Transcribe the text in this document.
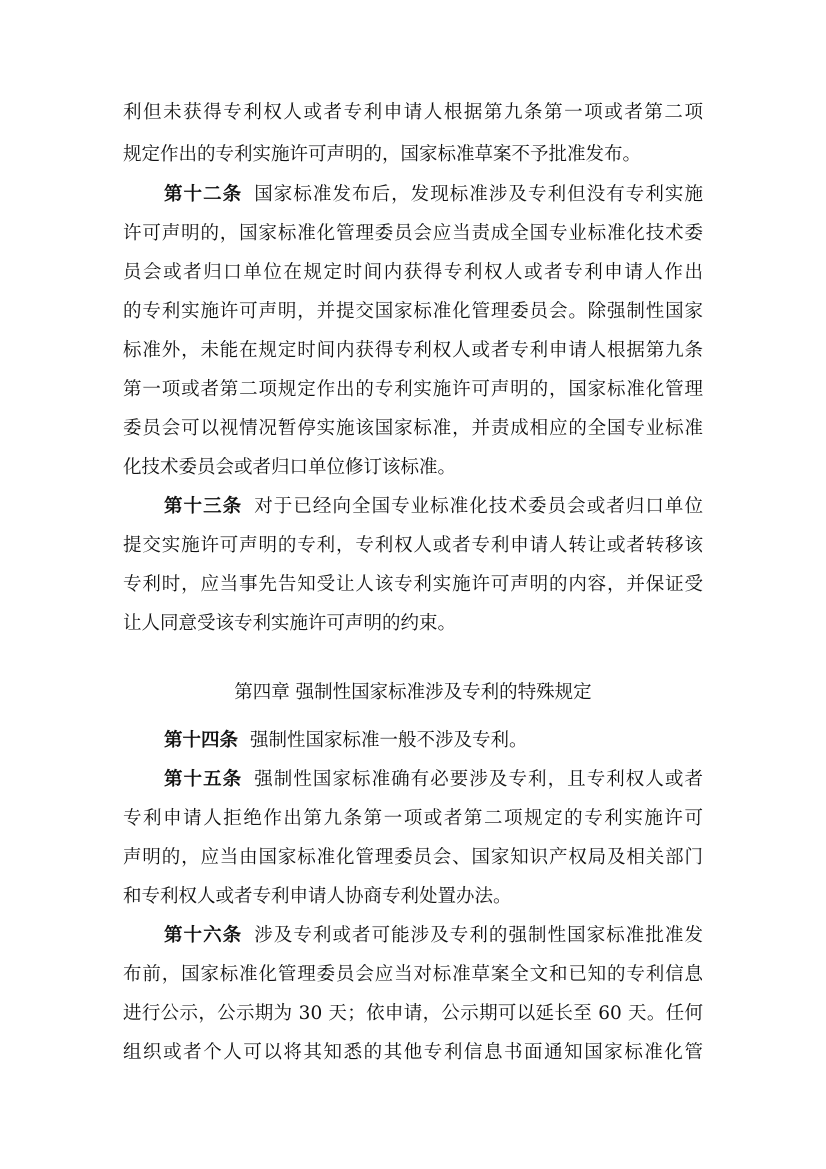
利但未获得专利权人或者专利申请人根据第九条第一项或者第二项
规定作出的专利实施许可声明的，国家标准草案不予批准发布。
第十二条 国家标准发布后，发现标准涉及专利但没有专利实施
许可声明的，国家标准化管理委员会应当责成全国专业标准化技术委
员会或者归口单位在规定时间内获得专利权人或者专利申请人作出
的专利实施许可声明，并提交国家标准化管理委员会。除强制性国家
标准外，未能在规定时间内获得专利权人或者专利申请人根据第九条
第一项或者第二项规定作出的专利实施许可声明的，国家标准化管理
委员会可以视情况暂停实施该国家标准，并责成相应的全国专业标准
化技术委员会或者归口单位修订该标准。
第十三条 对于已经向全国专业标准化技术委员会或者归口单位
提交实施许可声明的专利，专利权人或者专利申请人转让或者转移该
专利时，应当事先告知受让人该专利实施许可声明的内容，并保证受
让人同意受该专利实施许可声明的约束。
第四章 强制性国家标准涉及专利的特殊规定
第十四条 强制性国家标准一般不涉及专利。
第十五条 强制性国家标准确有必要涉及专利，且专利权人或者
专利申请人拒绝作出第九条第一项或者第二项规定的专利实施许可
声明的，应当由国家标准化管理委员会、国家知识产权局及相关部门
和专利权人或者专利申请人协商专利处置办法。
第十六条 涉及专利或者可能涉及专利的强制性国家标准批准发
布前，国家标准化管理委员会应当对标准草案全文和已知的专利信息
进行公示，公示期为 30 天；依申请，公示期可以延长至 60 天。任何
组织或者个人可以将其知悉的其他专利信息书面通知国家标准化管
